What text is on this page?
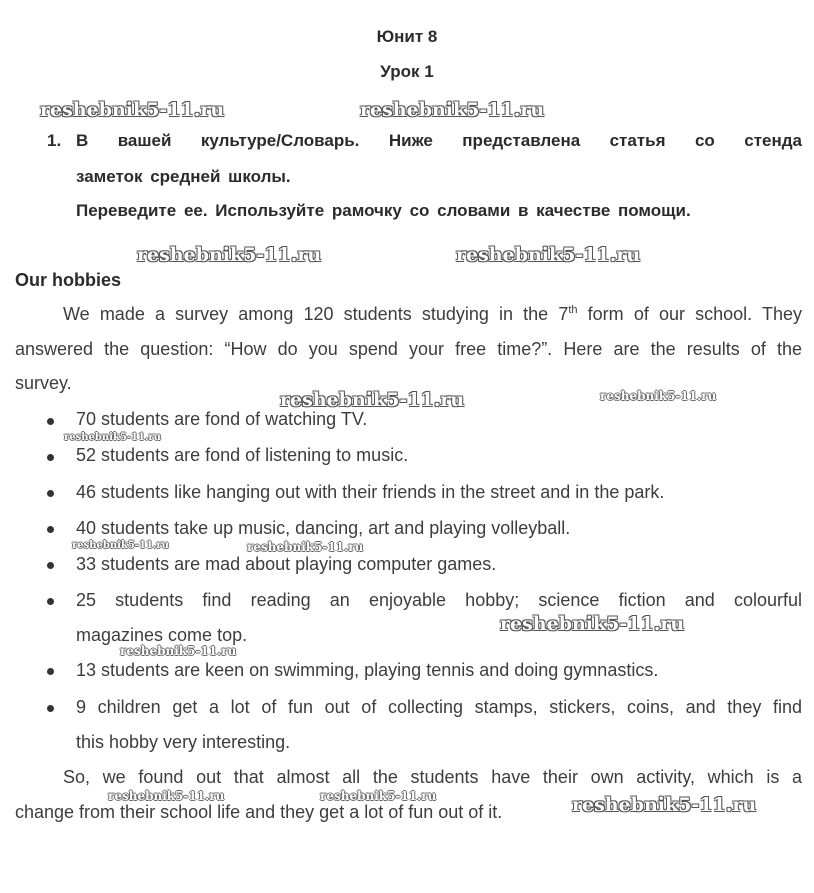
Юнит 8
Урок 1
1. В вашей культуре/Словарь. Ниже представлена статья со стенда
заметок средней школы.
Переведите ее. Используйте рамочку со словами в качестве помощи.
Our hobbies
We made a survey among 120 students studying in the 7th form of our school. They
answered the question: “How do you spend your free time?”. Here are the results of the
survey.
70 students are fond of watching TV.
52 students are fond of listening to music.
46 students like hanging out with their friends in the street and in the park.
40 students take up music, dancing, art and playing volleyball.
33 students are mad about playing computer games.
25 students find reading an enjoyable hobby; science fiction and colourful
magazines come top.
13 students are keen on swimming, playing tennis and doing gymnastics.
9 children get a lot of fun out of collecting stamps, stickers, coins, and they find
this hobby very interesting.
So, we found out that almost all the students have their own activity, which is a
change from their school life and they get a lot of fun out of it.
reshebnik5-11.ru	reshebnik5-11.ru
reshebnik5-11.ru	reshebnik5-11.ru
reshebnik5-11.ru	reshebnik5-11.ru
reshebnik5-11.ru
reshebnik5-11.ru	reshebnik5-11.ru
reshebnik5-11.ru
reshebnik5-11.ru
reshebnik5-11.ru	reshebnik5-11.ru	reshebnik5-11.ru
